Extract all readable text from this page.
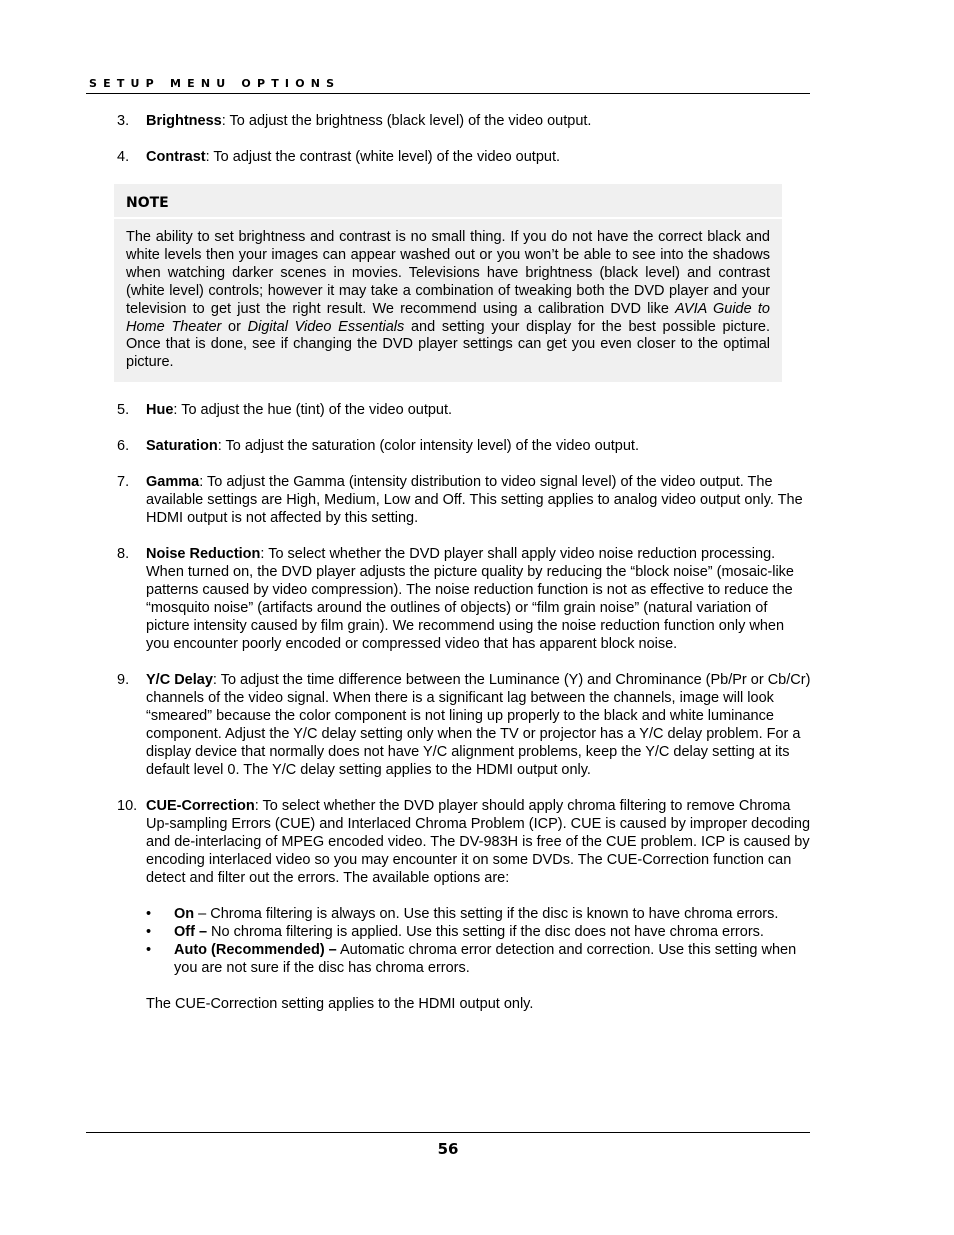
SETUP MENU OPTIONS
3. Brightness: To adjust the brightness (black level) of the video output.
4. Contrast: To adjust the contrast (white level) of the video output.
NOTE
The ability to set brightness and contrast is no small thing. If you do not have the correct black and white levels then your images can appear washed out or you won’t be able to see into the shadows when watching darker scenes in movies. Televisions have brightness (black level) and contrast (white level) controls; however it may take a combination of tweaking both the DVD player and your television to get just the right result. We recommend using a calibration DVD like AVIA Guide to Home Theater or Digital Video Essentials and setting your display for the best possible picture. Once that is done, see if changing the DVD player settings can get you even closer to the optimal picture.
5. Hue: To adjust the hue (tint) of the video output.
6. Saturation: To adjust the saturation (color intensity level) of the video output.
7. Gamma: To adjust the Gamma (intensity distribution to video signal level) of the video output. The available settings are High, Medium, Low and Off. This setting applies to analog video output only. The HDMI output is not affected by this setting.
8. Noise Reduction: To select whether the DVD player shall apply video noise reduction processing. When turned on, the DVD player adjusts the picture quality by reducing the “block noise” (mosaic-like patterns caused by video compression). The noise reduction function is not as effective to reduce the “mosquito noise” (artifacts around the outlines of objects) or “film grain noise” (natural variation of picture intensity caused by film grain). We recommend using the noise reduction function only when you encounter poorly encoded or compressed video that has apparent block noise.
9. Y/C Delay: To adjust the time difference between the Luminance (Y) and Chrominance (Pb/Pr or Cb/Cr) channels of the video signal. When there is a significant lag between the channels, image will look “smeared” because the color component is not lining up properly to the black and white luminance component. Adjust the Y/C delay setting only when the TV or projector has a Y/C delay problem. For a display device that normally does not have Y/C alignment problems, keep the Y/C delay setting at its default level 0. The Y/C delay setting applies to the HDMI output only.
10. CUE-Correction: To select whether the DVD player should apply chroma filtering to remove Chroma Up-sampling Errors (CUE) and Interlaced Chroma Problem (ICP). CUE is caused by improper decoding and de-interlacing of MPEG encoded video. The DV-983H is free of the CUE problem. ICP is caused by encoding interlaced video so you may encounter it on some DVDs. The CUE-Correction function can detect and filter out the errors. The available options are:
• On – Chroma filtering is always on. Use this setting if the disc is known to have chroma errors.
• Off – No chroma filtering is applied. Use this setting if the disc does not have chroma errors.
• Auto (Recommended) – Automatic chroma error detection and correction. Use this setting when you are not sure if the disc has chroma errors.
The CUE-Correction setting applies to the HDMI output only.
56
